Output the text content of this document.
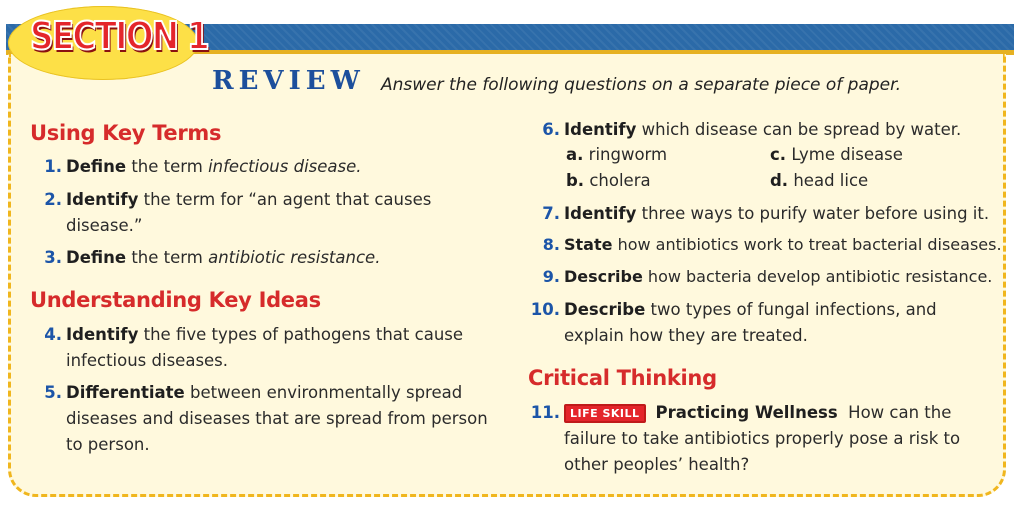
SECTION 1
REVIEW Answer the following questions on a separate piece of paper.
Using Key Terms
1. Define the term infectious disease.
2. Identify the term for “an agent that causes disease.”
3. Define the term antibiotic resistance.
Understanding Key Ideas
4. Identify the five types of pathogens that cause infectious diseases.
5. Differentiate between environmentally spread diseases and diseases that are spread from person to person.
6. Identify which disease can be spread by water.
a. ringworm
b. cholera
c. Lyme disease
d. head lice
7. Identify three ways to purify water before using it.
8. State how antibiotics work to treat bacterial diseases.
9. Describe how bacteria develop antibiotic resistance.
10. Describe two types of fungal infections, and explain how they are treated.
Critical Thinking
11. LIFE SKILL Practicing Wellness How can the failure to take antibiotics properly pose a risk to other peoples’ health?
